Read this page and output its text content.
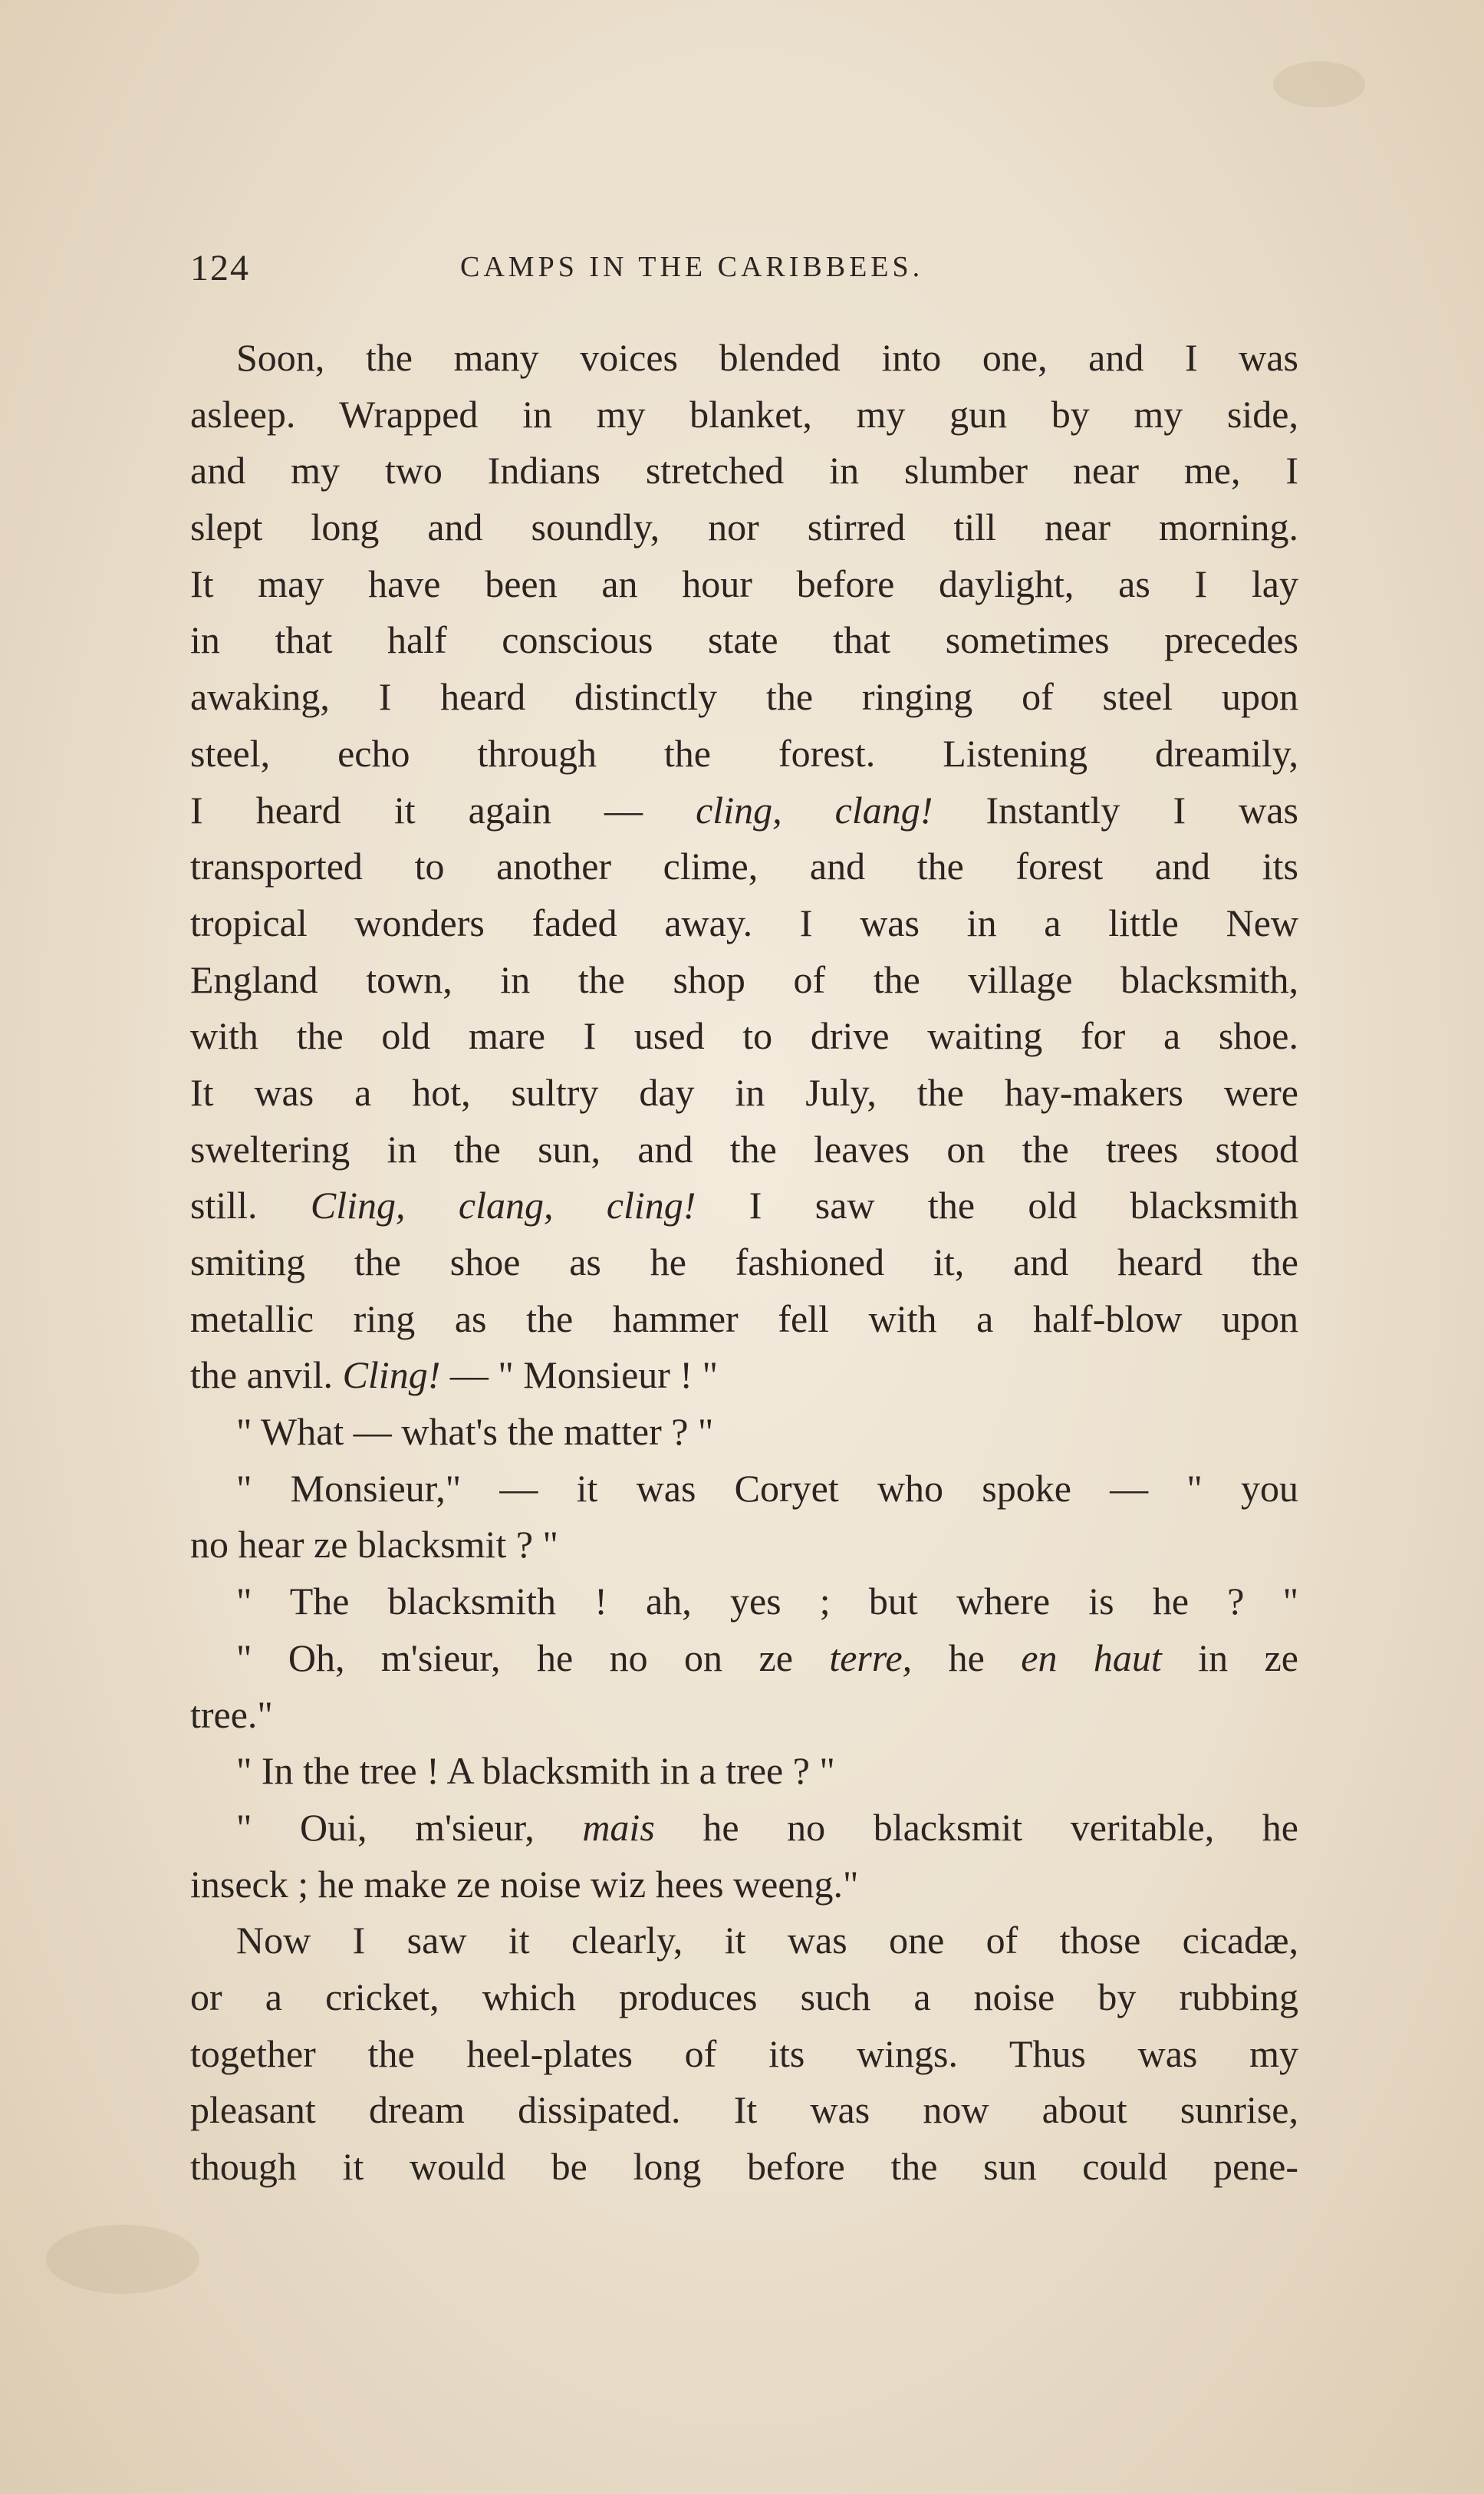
124	CAMPS IN THE CARIBBEES.
Soon, the many voices blended into one, and I was
asleep. Wrapped in my blanket, my gun by my side,
and my two Indians stretched in slumber near me, I
slept long and soundly, nor stirred till near morning.
It may have been an hour before daylight, as I lay
in that half conscious state that sometimes precedes
awaking, I heard distinctly the ringing of steel upon
steel, echo through the forest. Listening dreamily,
I heard it again — cling, clang! Instantly I was
transported to another clime, and the forest and its
tropical wonders faded away. I was in a little New
England town, in the shop of the village blacksmith,
with the old mare I used to drive waiting for a shoe.
It was a hot, sultry day in July, the hay-makers were
sweltering in the sun, and the leaves on the trees stood
still. Cling, clang, cling! I saw the old blacksmith
smiting the shoe as he fashioned it, and heard the
metallic ring as the hammer fell with a half-blow upon
the anvil. Cling! — " Monsieur ! "
" What — what's the matter ? "
" Monsieur," — it was Coryet who spoke — " you
no hear ze blacksmit ? "
" The blacksmith ! ah, yes ; but where is he ? "
" Oh, m'sieur, he no on ze terre, he en haut in ze
tree."
" In the tree ! A blacksmith in a tree ? "
" Oui, m'sieur, mais he no blacksmit veritable, he
inseck ; he make ze noise wiz hees weeng."
Now I saw it clearly, it was one of those cicadæ,
or a cricket, which produces such a noise by rubbing
together the heel-plates of its wings. Thus was my
pleasant dream dissipated. It was now about sunrise,
though it would be long before the sun could pene-
